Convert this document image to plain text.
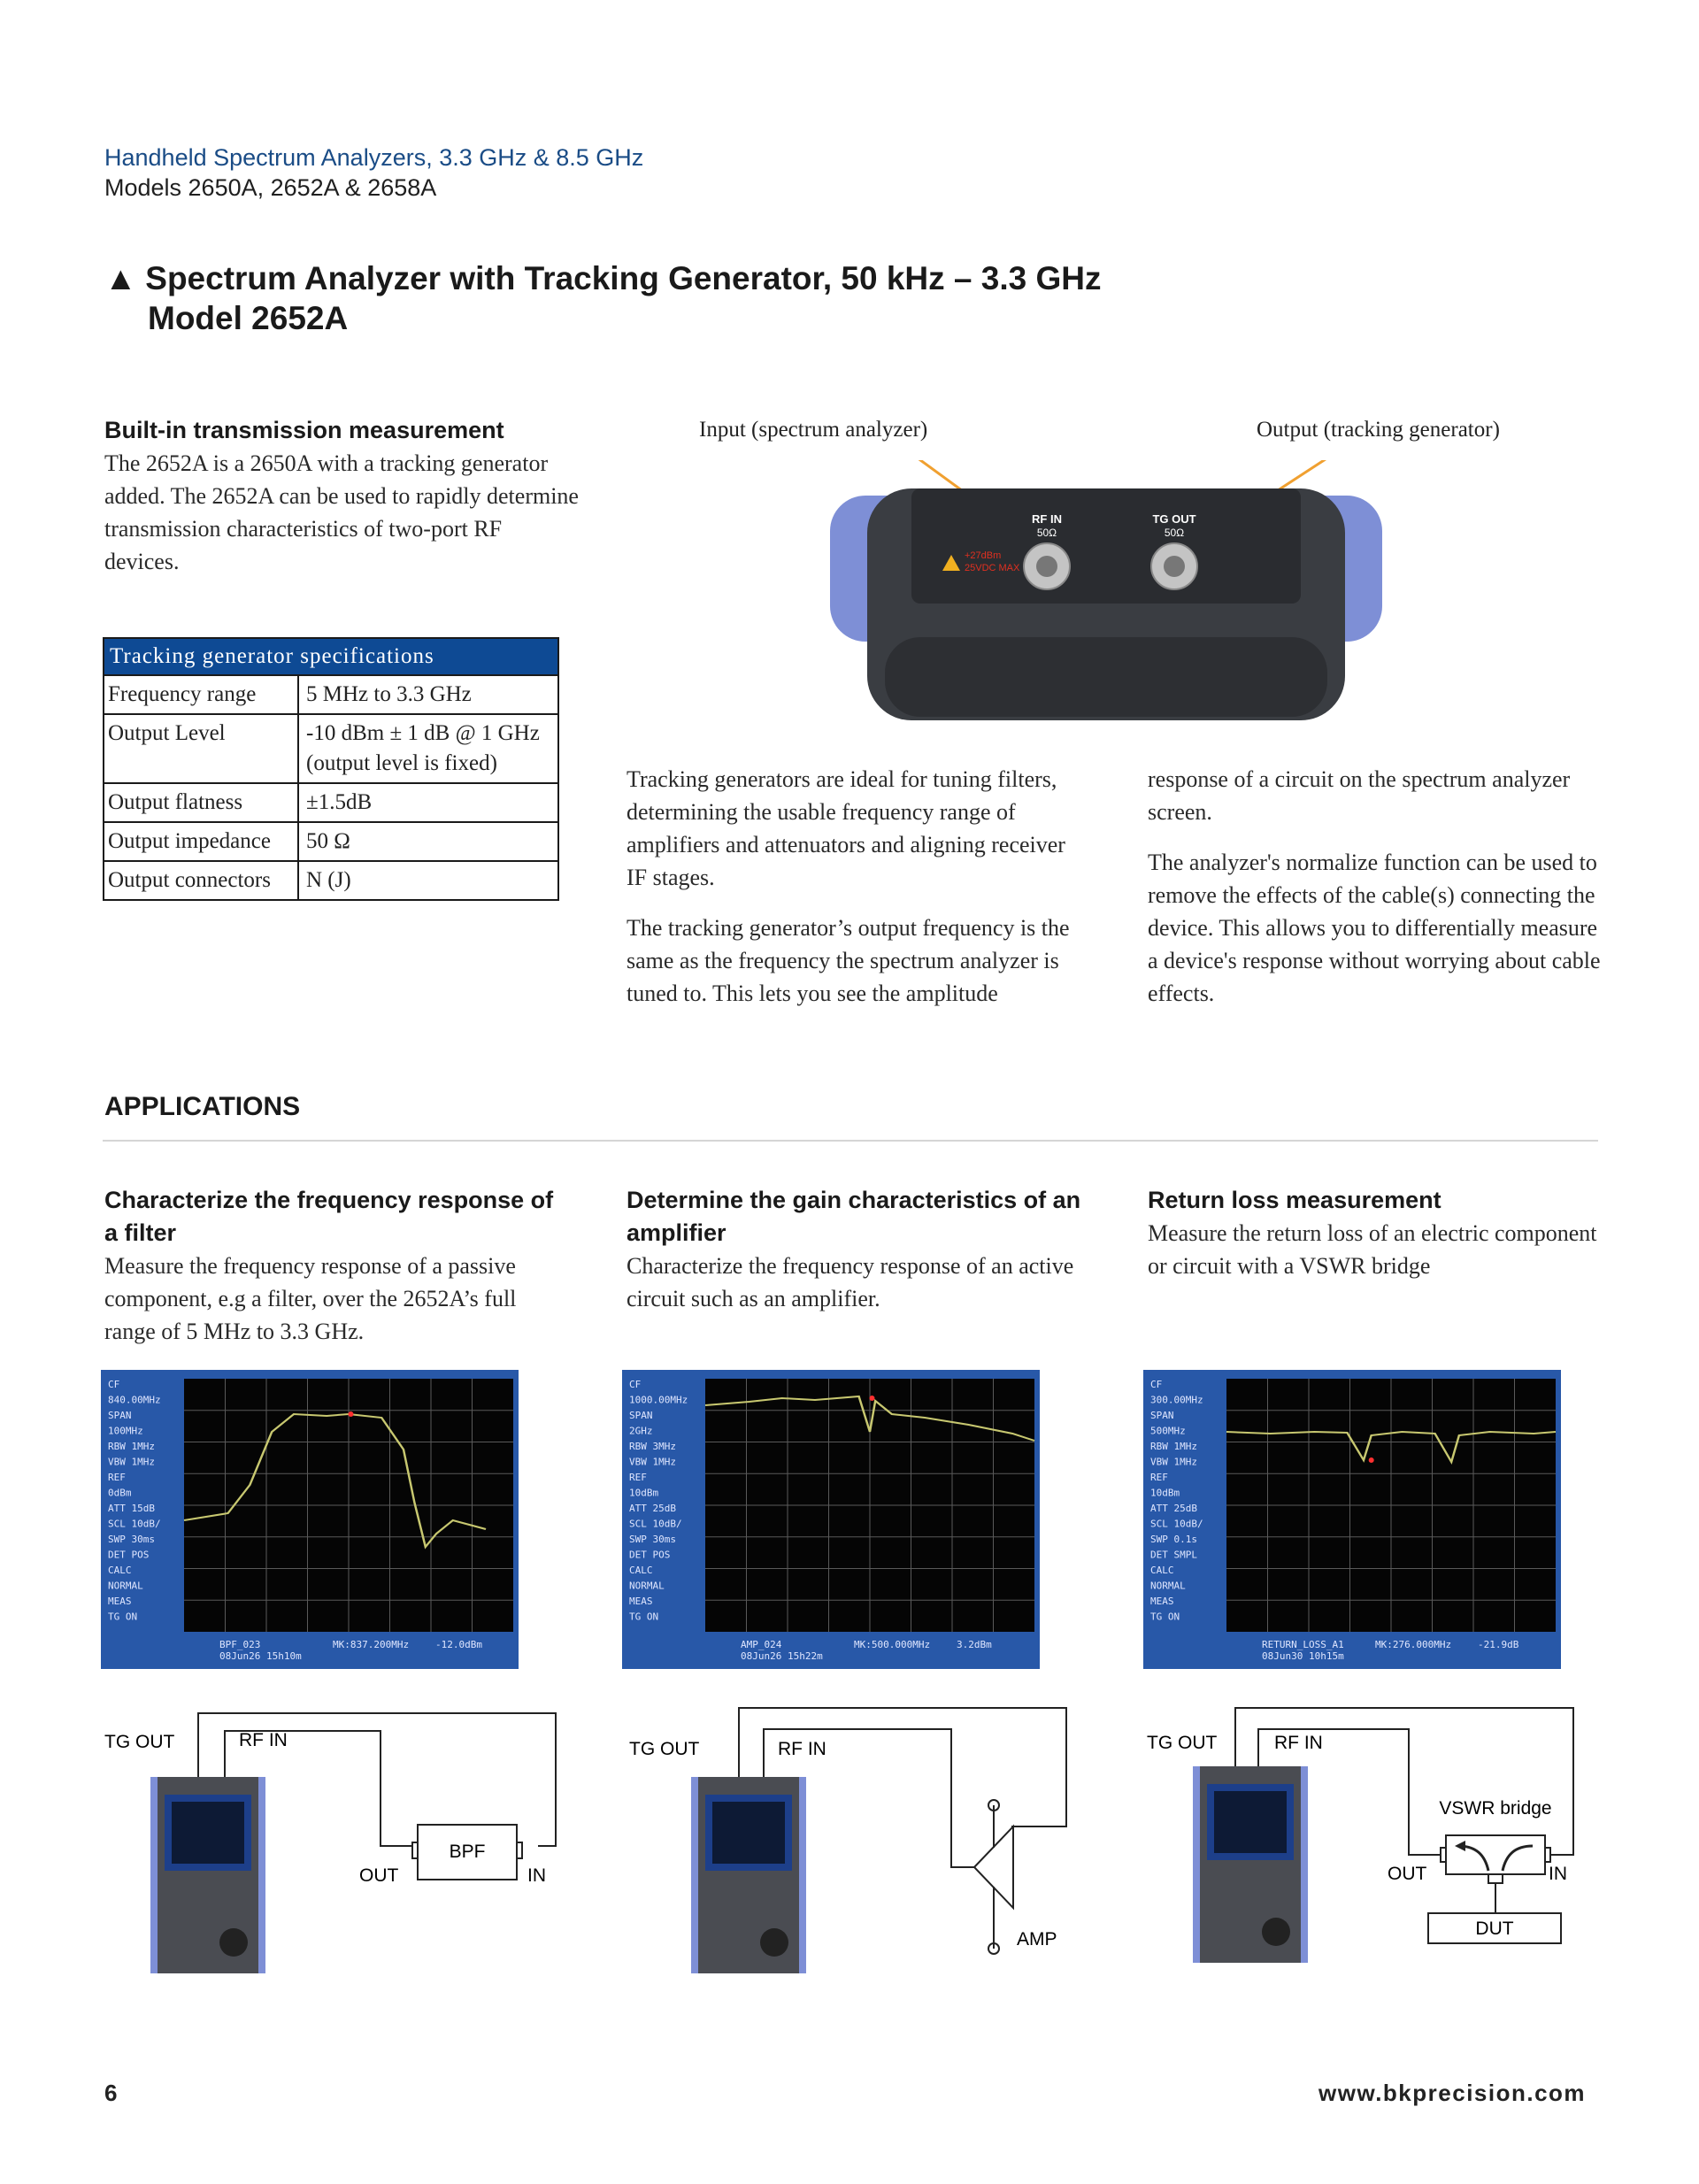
Handheld Spectrum Analyzers, 3.3 GHz & 8.5 GHz
Models 2650A, 2652A & 2658A
▲ Spectrum Analyzer with Tracking Generator, 50 kHz – 3.3 GHz
Model 2652A
Built-in transmission measurement
The 2652A is a 2650A with a tracking generator added. The 2652A can be used to rapidly determine transmission characteristics of two-port RF devices.
Tracking generator specifications
Frequency range	5 MHz to 3.3 GHz
Output Level	-10 dBm ± 1 dB @ 1 GHz (output level is fixed)
Output flatness	±1.5dB
Output impedance	50 Ω
Output connectors	N (J)
Input (spectrum analyzer)	Output (tracking generator)
RF IN
50Ω
TG OUT
50Ω
+27dBm
25VDC MAX

Tracking generators are ideal for tuning filters, determining the usable frequency range of amplifiers and attenuators and aligning receiver IF stages.

The tracking generator’s output frequency is the same as the frequency the spectrum analyzer is tuned to. This lets you see the amplitude

response of a circuit on the spectrum analyzer screen.

The analyzer's normalize function can be used to remove the effects of the cable(s) connecting the device. This allows you to differentially measure a device's response without worrying about cable effects.

APPLICATIONS
Characterize the frequency response of a filter
Measure the frequency response of a passive component, e.g a filter, over the 2652A’s full range of 5 MHz to 3.3 GHz.
Determine the gain characteristics of an amplifier
Characterize the frequency response of an active circuit such as an amplifier.
Return loss measurement
Measure the return loss of an electric component or circuit with a VSWR bridge
CF
840.00MHz
SPAN
100MHz
RBW 1MHz
VBW 1MHz
REF
0dBm
ATT 15dB
SCL 10dB/
SWP 30ms
DET POS
CALC
NORMAL
MEAS
TG ON
BPF_023
08Jun26 15h10m
MK:837.200MHz	-12.0dBm
CF
1000.00MHz
SPAN
2GHz
RBW 3MHz
VBW 1MHz
REF
10dBm
ATT 25dB
SCL 10dB/
SWP 30ms
DET POS
CALC
NORMAL
MEAS
TG ON
AMP_024
08Jun26 15h22m
MK:500.000MHz	3.2dBm
CF
300.00MHz
SPAN
500MHz
RBW 1MHz
VBW 1MHz
REF
10dBm
ATT 25dB
SCL 10dB/
SWP 0.1s
DET SMPL
CALC
NORMAL
MEAS
TG ON
RETURN_LOSS_A1
08Jun30 10h15m
MK:276.000MHz	-21.9dB
TG OUT	RF IN
BPF
OUT	IN
TG OUT	RF IN
AMP
TG OUT	RF IN
VSWR bridge
OUT	IN
DUT
6	www.bkprecision.com
